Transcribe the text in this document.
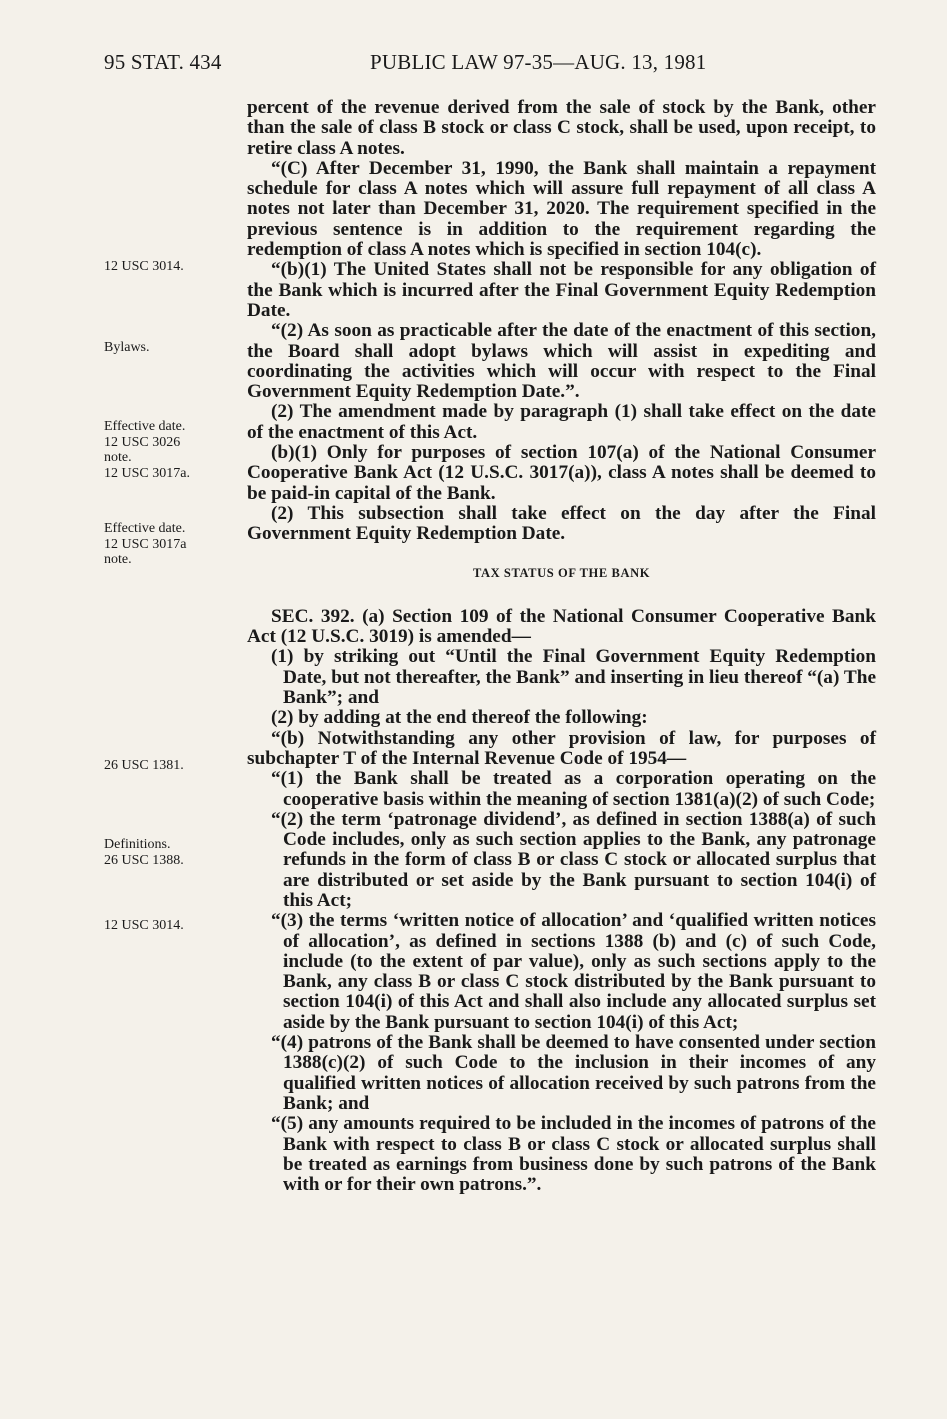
95 STAT. 434	PUBLIC LAW 97-35—AUG. 13, 1981
12 USC 3014.
Bylaws.
Effective date.
12 USC 3026
note.
12 USC 3017a.
Effective date.
12 USC 3017a
note.
26 USC 1381.
Definitions.
26 USC 1388.
12 USC 3014.

percent of the revenue derived from the sale of stock by the Bank, other than the sale of class B stock or class C stock, shall be used, upon receipt, to retire class A notes.

“(C) After December 31, 1990, the Bank shall maintain a repayment schedule for class A notes which will assure full repayment of all class A notes not later than December 31, 2020. The requirement specified in the previous sentence is in addition to the requirement regarding the redemption of class A notes which is specified in section 104(c).

“(b)(1) The United States shall not be responsible for any obligation of the Bank which is incurred after the Final Government Equity Redemption Date.

“(2) As soon as practicable after the date of the enactment of this section, the Board shall adopt bylaws which will assist in expediting and coordinating the activities which will occur with respect to the Final Government Equity Redemption Date.”.

(2) The amendment made by paragraph (1) shall take effect on the date of the enactment of this Act.

(b)(1) Only for purposes of section 107(a) of the National Consumer Cooperative Bank Act (12 U.S.C. 3017(a)), class A notes shall be deemed to be paid-in capital of the Bank.

(2) This subsection shall take effect on the day after the Final Government Equity Redemption Date.

TAX STATUS OF THE BANK

SEC. 392. (a) Section 109 of the National Consumer Cooperative Bank Act (12 U.S.C. 3019) is amended—

(1) by striking out “Until the Final Government Equity Redemption Date, but not thereafter, the Bank” and inserting in lieu thereof “(a) The Bank”; and

(2) by adding at the end thereof the following:

“(b) Notwithstanding any other provision of law, for purposes of subchapter T of the Internal Revenue Code of 1954—

“(1) the Bank shall be treated as a corporation operating on the cooperative basis within the meaning of section 1381(a)(2) of such Code;

“(2) the term ‘patronage dividend’, as defined in section 1388(a) of such Code includes, only as such section applies to the Bank, any patronage refunds in the form of class B or class C stock or allocated surplus that are distributed or set aside by the Bank pursuant to section 104(i) of this Act;

“(3) the terms ‘written notice of allocation’ and ‘qualified written notices of allocation’, as defined in sections 1388 (b) and (c) of such Code, include (to the extent of par value), only as such sections apply to the Bank, any class B or class C stock distributed by the Bank pursuant to section 104(i) of this Act and shall also include any allocated surplus set aside by the Bank pursuant to section 104(i) of this Act;

“(4) patrons of the Bank shall be deemed to have consented under section 1388(c)(2) of such Code to the inclusion in their incomes of any qualified written notices of allocation received by such patrons from the Bank; and

“(5) any amounts required to be included in the incomes of patrons of the Bank with respect to class B or class C stock or allocated surplus shall be treated as earnings from business done by such patrons of the Bank with or for their own patrons.”.
